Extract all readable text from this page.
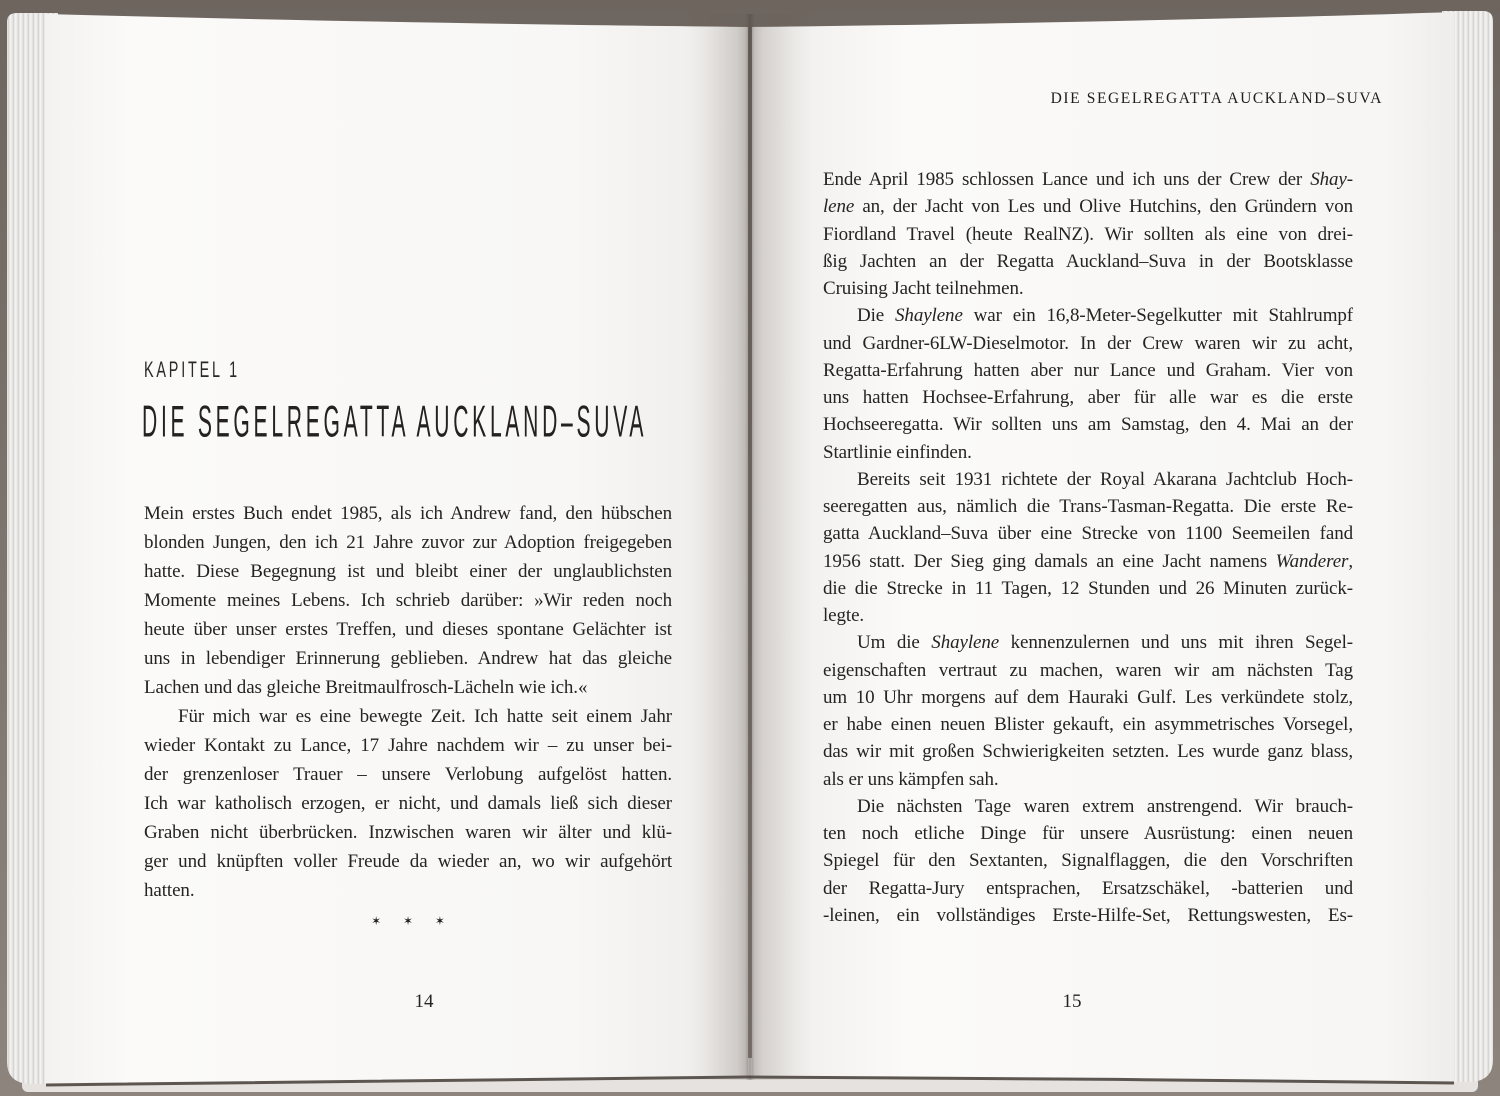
KAPITEL 1
DIE SEGELREGATTA AUCKLAND–SUVA
Mein erstes Buch endet 1985, als ich Andrew fand, den hübschen
blonden Jungen, den ich 21 Jahre zuvor zur Adoption freigegeben
hatte. Diese Begegnung ist und bleibt einer der unglaublichsten
Momente meines Lebens. Ich schrieb darüber: »Wir reden noch
heute über unser erstes Treffen, und dieses spontane Gelächter ist
uns in lebendiger Erinnerung geblieben. Andrew hat das gleiche
Lachen und das gleiche Breitmaulfrosch-Lächeln wie ich.«
Für mich war es eine bewegte Zeit. Ich hatte seit einem Jahr
wieder Kontakt zu Lance, 17 Jahre nachdem wir – zu unser bei-
der grenzenloser Trauer – unsere Verlobung aufgelöst hatten.
Ich war katholisch erzogen, er nicht, und damals ließ sich dieser
Graben nicht überbrücken. Inzwischen waren wir älter und klü-
ger und knüpften voller Freude da wieder an, wo wir aufgehört
hatten.
✶ ✶ ✶
14
DIE SEGELREGATTA AUCKLAND–SUVA
Ende April 1985 schlossen Lance und ich uns der Crew der Shay-
lene an, der Jacht von Les und Olive Hutchins, den Gründern von
Fiordland Travel (heute RealNZ). Wir sollten als eine von drei-
ßig Jachten an der Regatta Auckland–Suva in der Bootsklasse
Cruising Jacht teilnehmen.
Die Shaylene war ein 16,8-Meter-Segelkutter mit Stahlrumpf
und Gardner-6LW-Dieselmotor. In der Crew waren wir zu acht,
Regatta-Erfahrung hatten aber nur Lance und Graham. Vier von
uns hatten Hochsee-Erfahrung, aber für alle war es die erste
Hochseeregatta. Wir sollten uns am Samstag, den 4. Mai an der
Startlinie einfinden.
Bereits seit 1931 richtete der Royal Akarana Jachtclub Hoch-
seeregatten aus, nämlich die Trans-Tasman-Regatta. Die erste Re-
gatta Auckland–Suva über eine Strecke von 1100 Seemeilen fand
1956 statt. Der Sieg ging damals an eine Jacht namens Wanderer,
die die Strecke in 11 Tagen, 12 Stunden und 26 Minuten zurück-
legte.
Um die Shaylene kennenzulernen und uns mit ihren Segel-
eigenschaften vertraut zu machen, waren wir am nächsten Tag
um 10 Uhr morgens auf dem Hauraki Gulf. Les verkündete stolz,
er habe einen neuen Blister gekauft, ein asymmetrisches Vorsegel,
das wir mit großen Schwierigkeiten setzten. Les wurde ganz blass,
als er uns kämpfen sah.
Die nächsten Tage waren extrem anstrengend. Wir brauch-
ten noch etliche Dinge für unsere Ausrüstung: einen neuen
Spiegel für den Sextanten, Signalflaggen, die den Vorschriften
der Regatta-Jury entsprachen, Ersatzschäkel, -batterien und
-leinen, ein vollständiges Erste-Hilfe-Set, Rettungswesten, Es-
15
